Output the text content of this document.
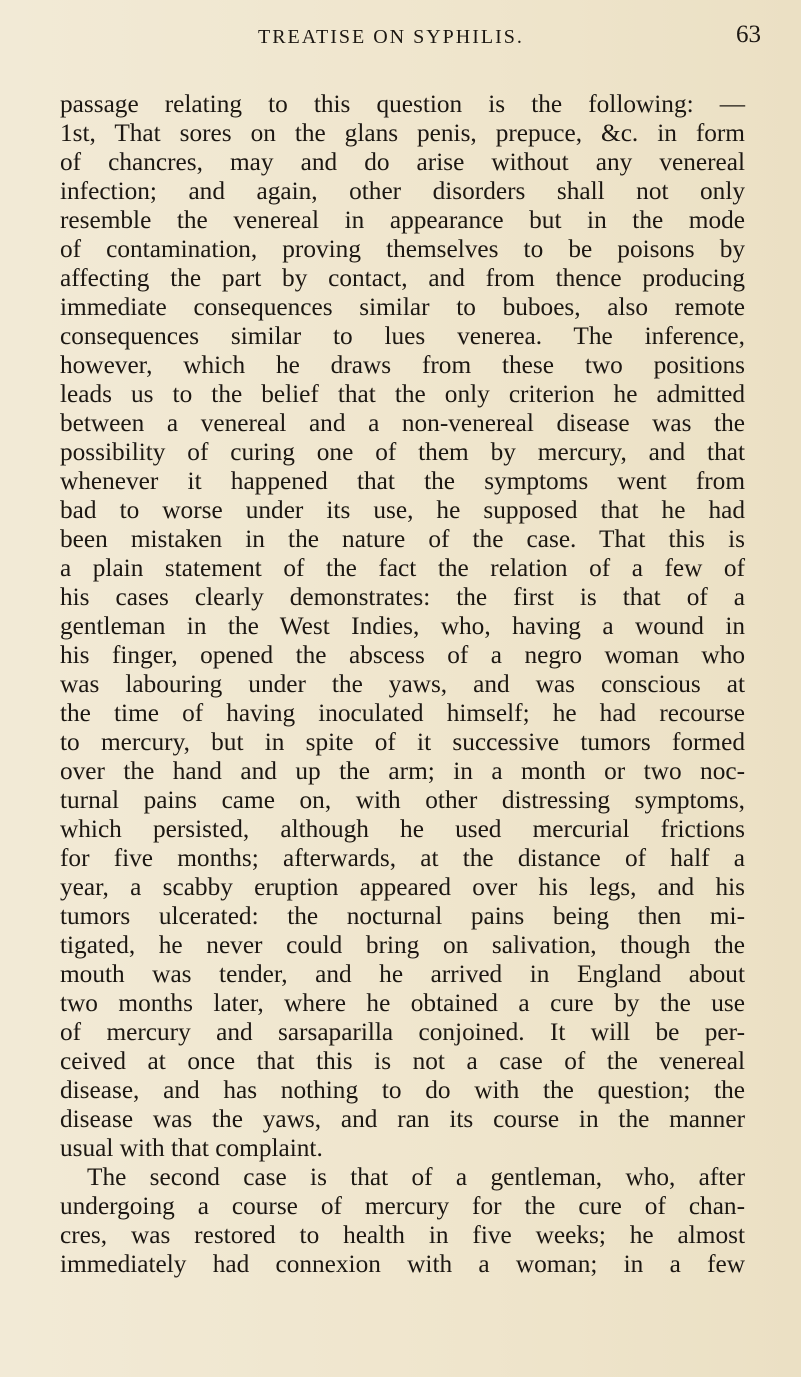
TREATISE ON SYPHILIS.	63
passage relating to this question is the following: —
1st, That sores on the glans penis, prepuce, &c. in form
of chancres, may and do arise without any venereal
infection; and again, other disorders shall not only
resemble the venereal in appearance but in the mode
of contamination, proving themselves to be poisons by
affecting the part by contact, and from thence producing
immediate consequences similar to buboes, also remote
consequences similar to lues venerea. The inference,
however, which he draws from these two positions
leads us to the belief that the only criterion he admitted
between a venereal and a non-venereal disease was the
possibility of curing one of them by mercury, and that
whenever it happened that the symptoms went from
bad to worse under its use, he supposed that he had
been mistaken in the nature of the case. That this is
a plain statement of the fact the relation of a few of
his cases clearly demonstrates: the first is that of a
gentleman in the West Indies, who, having a wound in
his finger, opened the abscess of a negro woman who
was labouring under the yaws, and was conscious at
the time of having inoculated himself; he had recourse
to mercury, but in spite of it successive tumors formed
over the hand and up the arm; in a month or two noc-
turnal pains came on, with other distressing symptoms,
which persisted, although he used mercurial frictions
for five months; afterwards, at the distance of half a
year, a scabby eruption appeared over his legs, and his
tumors ulcerated: the nocturnal pains being then mi-
tigated, he never could bring on salivation, though the
mouth was tender, and he arrived in England about
two months later, where he obtained a cure by the use
of mercury and sarsaparilla conjoined. It will be per-
ceived at once that this is not a case of the venereal
disease, and has nothing to do with the question; the
disease was the yaws, and ran its course in the manner
usual with that complaint.
The second case is that of a gentleman, who, after
undergoing a course of mercury for the cure of chan-
cres, was restored to health in five weeks; he almost
immediately had connexion with a woman; in a few
